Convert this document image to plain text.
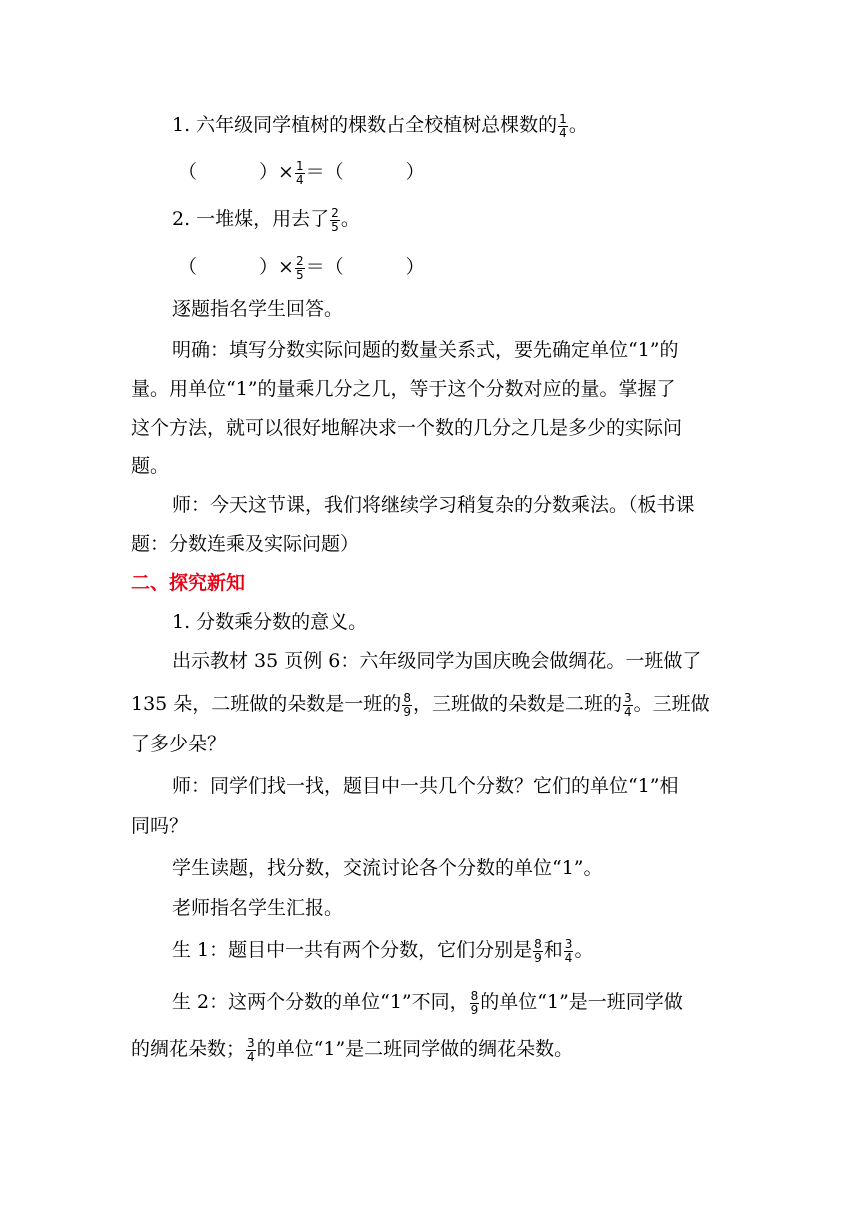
1. 六年级同学植树的棵数占全校植树总棵数的 $\frac{1}{4}$ 。
（	）× $\frac{1}{4}$ ＝（	）
2. 一堆煤，用去了 $\frac{2}{5}$ 。
（	）× $\frac{2}{5}$ ＝（	）
逐题指名学生回答。
明确：填写分数实际问题的数量关系式，要先确定单位“1”的
量。用单位“1”的量乘几分之几，等于这个分数对应的量。掌握了
这个方法，就可以很好地解决求一个数的几分之几是多少的实际问
题。
师：今天这节课，我们将继续学习稍复杂的分数乘法。（板书课
题：分数连乘及实际问题）
二、探究新知
1. 分数乘分数的意义。
出示教材 35 页例 6：六年级同学为国庆晚会做绸花。一班做了
135 朵，二班做的朵数是一班的 $\frac{8}{9}$ ，三班做的朵数是二班的 $\frac{3}{4}$ 。三班做
了多少朵？
师：同学们找一找，题目中一共几个分数？它们的单位“1”相
同吗？
学生读题，找分数，交流讨论各个分数的单位“1”。
老师指名学生汇报。
生 1：题目中一共有两个分数，它们分别是 $\frac{8}{9}$ 和 $\frac{3}{4}$ 。
生 2：这两个分数的单位“1”不同， $\frac{8}{9}$ 的单位“1”是一班同学做
的绸花朵数； $\frac{3}{4}$ 的单位“1”是二班同学做的绸花朵数。
